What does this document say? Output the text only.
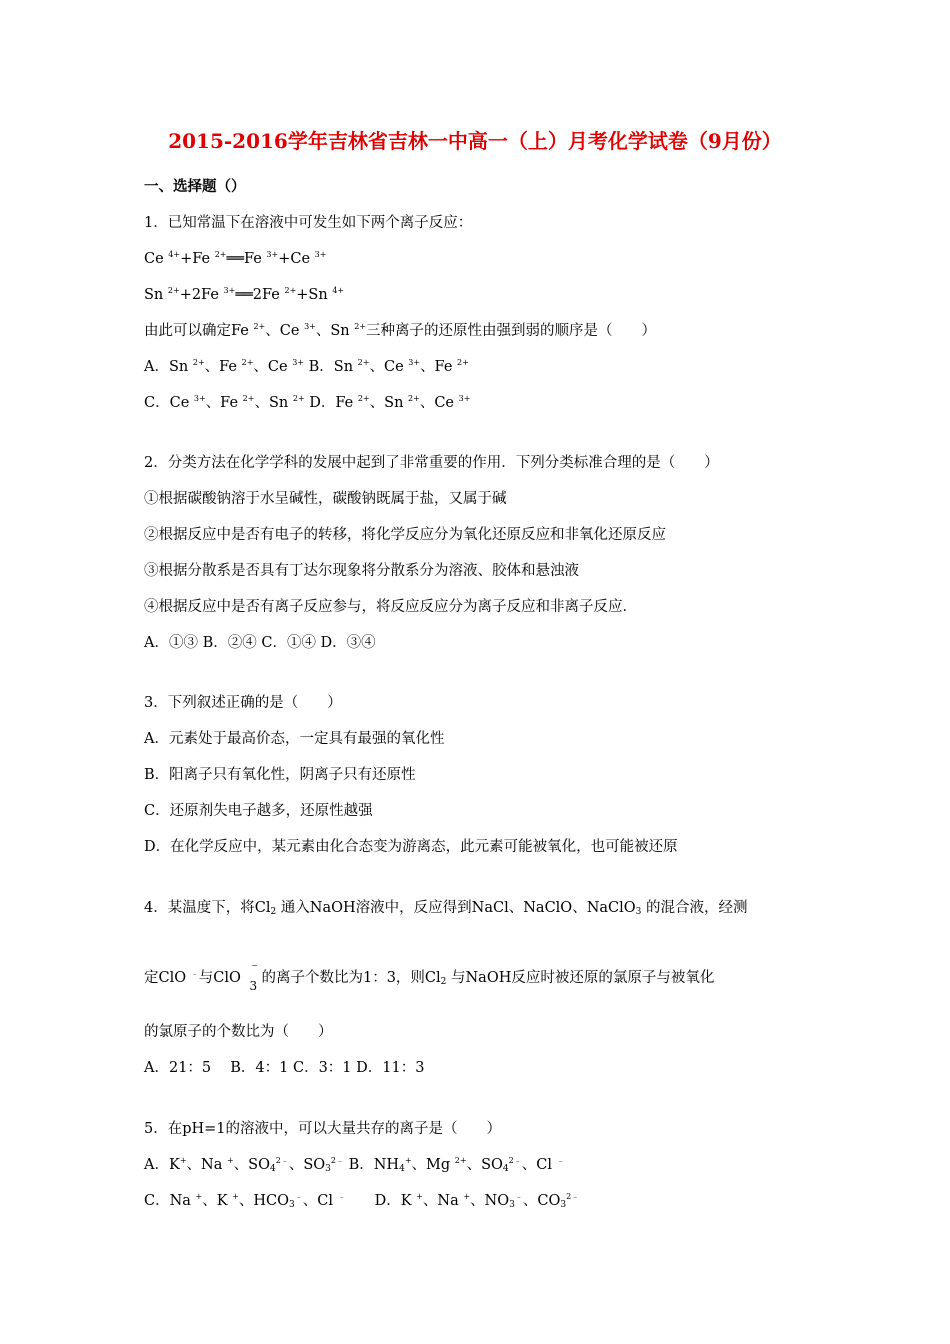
2015-2016学年吉林省吉林一中高一（上）月考化学试卷（9月份）
一、选择题（）
1．已知常温下在溶液中可发生如下两个离子反应：
Ce $^{4+}$+Fe $^{2+}$══Fe $^{3+}$+Ce $^{3+}$
Sn $^{2+}$+2Fe $^{3+}$══2Fe $^{2+}$+Sn $^{4+}$
由此可以确定Fe $^{2+}$、Ce $^{3+}$、Sn $^{2+}$三种离子的还原性由强到弱的顺序是（　　）
A．Sn $^{2+}$、Fe $^{2+}$、Ce $^{3+}$ B．Sn $^{2+}$、Ce $^{3+}$、Fe $^{2+}$
C．Ce $^{3+}$、Fe $^{2+}$、Sn $^{2+}$ D．Fe $^{2+}$、Sn $^{2+}$、Ce $^{3+}$
2．分类方法在化学学科的发展中起到了非常重要的作用．下列分类标准合理的是（　　）
①根据碳酸钠溶于水呈碱性，碳酸钠既属于盐，又属于碱
②根据反应中是否有电子的转移，将化学反应分为氧化还原反应和非氧化还原反应
③根据分散系是否具有丁达尔现象将分散系分为溶液、胶体和悬浊液
④根据反应中是否有离子反应参与，将反应反应分为离子反应和非离子反应．
A．①③ B．②④ C．①④ D．③④
3．下列叙述正确的是（　　）
A．元素处于最高价态，一定具有最强的氧化性
B．阳离子只有氧化性，阴离子只有还原性
C．还原剂失电子越多，还原性越强
D．在化学反应中，某元素由化合态变为游离态，此元素可能被氧化，也可能被还原
4．某温度下，将$Cl_2$ 通入NaOH溶液中，反应得到NaCl、NaClO、NaClO$_3$ 的混合液，经测
定ClO ﹣与ClO
﹣
3 的离子个数比为1：3，则$Cl_2$ 与NaOH反应时被还原的氯原子与被氧化
的氯原子的个数比为（　　）
A．21：5　 B．4：1 C．3：1 D．11：3
5．在pH=1的溶液中，可以大量共存的离子是（　　）
A．K+、Na +、$SO_4^{2﹣}$、$SO_3^{2﹣}$ B．$NH_4^+$、Mg $^{2+}$、$SO_4^{2﹣}$、Cl ﹣
C．Na +、K +、$HCO_3^﹣$、Cl ﹣　　D．K +、Na +、$NO_3^﹣$、$CO_3^{2﹣}$
